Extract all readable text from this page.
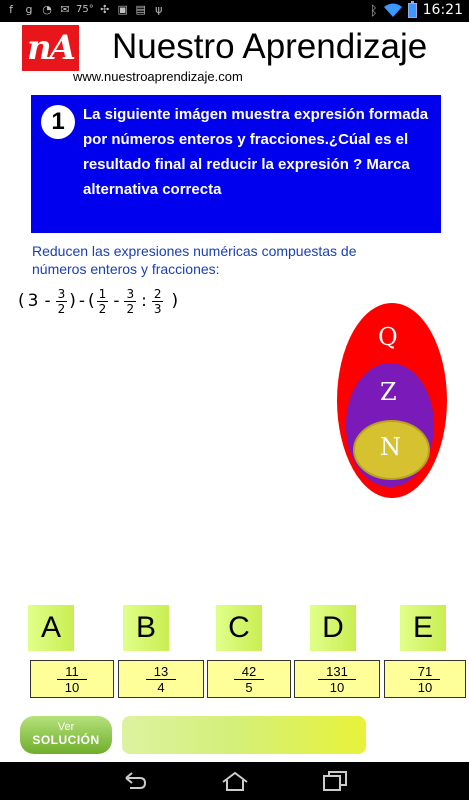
f	g ◔ ✉ 75° ✣ ▣ ▤ ψ	ᛒ	16:21
nA Nuestro Aprendizaje
www.nuestroaprendizaje.com
1	La siguiente imágen muestra expresión formada por números enteros y fracciones.¿Cúal es el resultado final al reducir la expresión ? Marca alternativa correcta
Reducen las expresiones numéricas compuestas de números enteros y fracciones:
( $3 - \frac{3}{2}$ ) - ( $\frac{1}{2} - \frac{3}{2}$ : $\frac{2}{3}$ )
Q
Z
N
A	B	C	D	E
$\frac{11}{10}$	$\frac{13}{4}$	$\frac{42}{5}$	$\frac{131}{10}$	$\frac{71}{10}$
Ver
SOLUCIÓN
